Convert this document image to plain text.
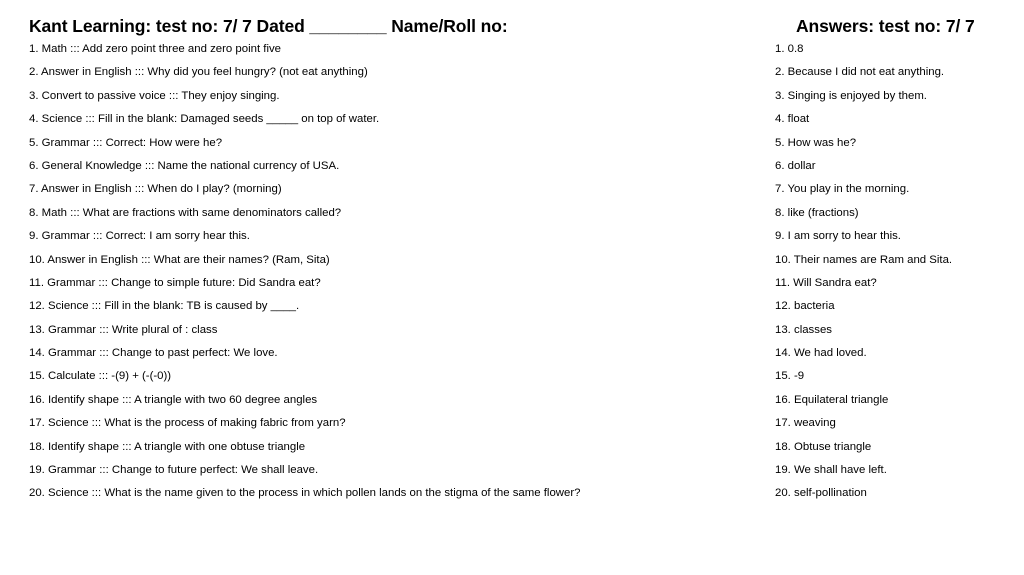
Kant Learning: test no: 7/ 7 Dated ________ Name/Roll no:	Answers: test no: 7/ 7
1. Math ::: Add zero point three and zero point five
2. Answer in English ::: Why did you feel hungry? (not eat anything)
3. Convert to passive voice ::: They enjoy singing.
4. Science ::: Fill in the blank: Damaged seeds _____ on top of water.
5. Grammar ::: Correct: How were he?
6. General Knowledge ::: Name the national currency of USA.
7. Answer in English ::: When do I play? (morning)
8. Math ::: What are fractions with same denominators called?
9. Grammar ::: Correct: I am sorry hear this.
10. Answer in English ::: What are their names? (Ram, Sita)
11. Grammar ::: Change to simple future: Did Sandra eat?
12. Science ::: Fill in the blank: TB is caused by ____.
13. Grammar ::: Write plural of : class
14. Grammar ::: Change to past perfect: We love.
15. Calculate ::: -(9) + (-(-0))
16. Identify shape ::: A triangle with two 60 degree angles
17. Science ::: What is the process of making fabric from yarn?
18. Identify shape ::: A triangle with one obtuse triangle
19. Grammar ::: Change to future perfect: We shall leave.
20. Science ::: What is the name given to the process in which pollen lands on the stigma of the same flower?
1. 0.8
2. Because I did not eat anything.
3. Singing is enjoyed by them.
4. float
5. How was he?
6. dollar
7. You play in the morning.
8. like (fractions)
9. I am sorry to hear this.
10. Their names are Ram and Sita.
11. Will Sandra eat?
12. bacteria
13. classes
14. We had loved.
15. -9
16. Equilateral triangle
17. weaving
18. Obtuse triangle
19. We shall have left.
20. self-pollination
